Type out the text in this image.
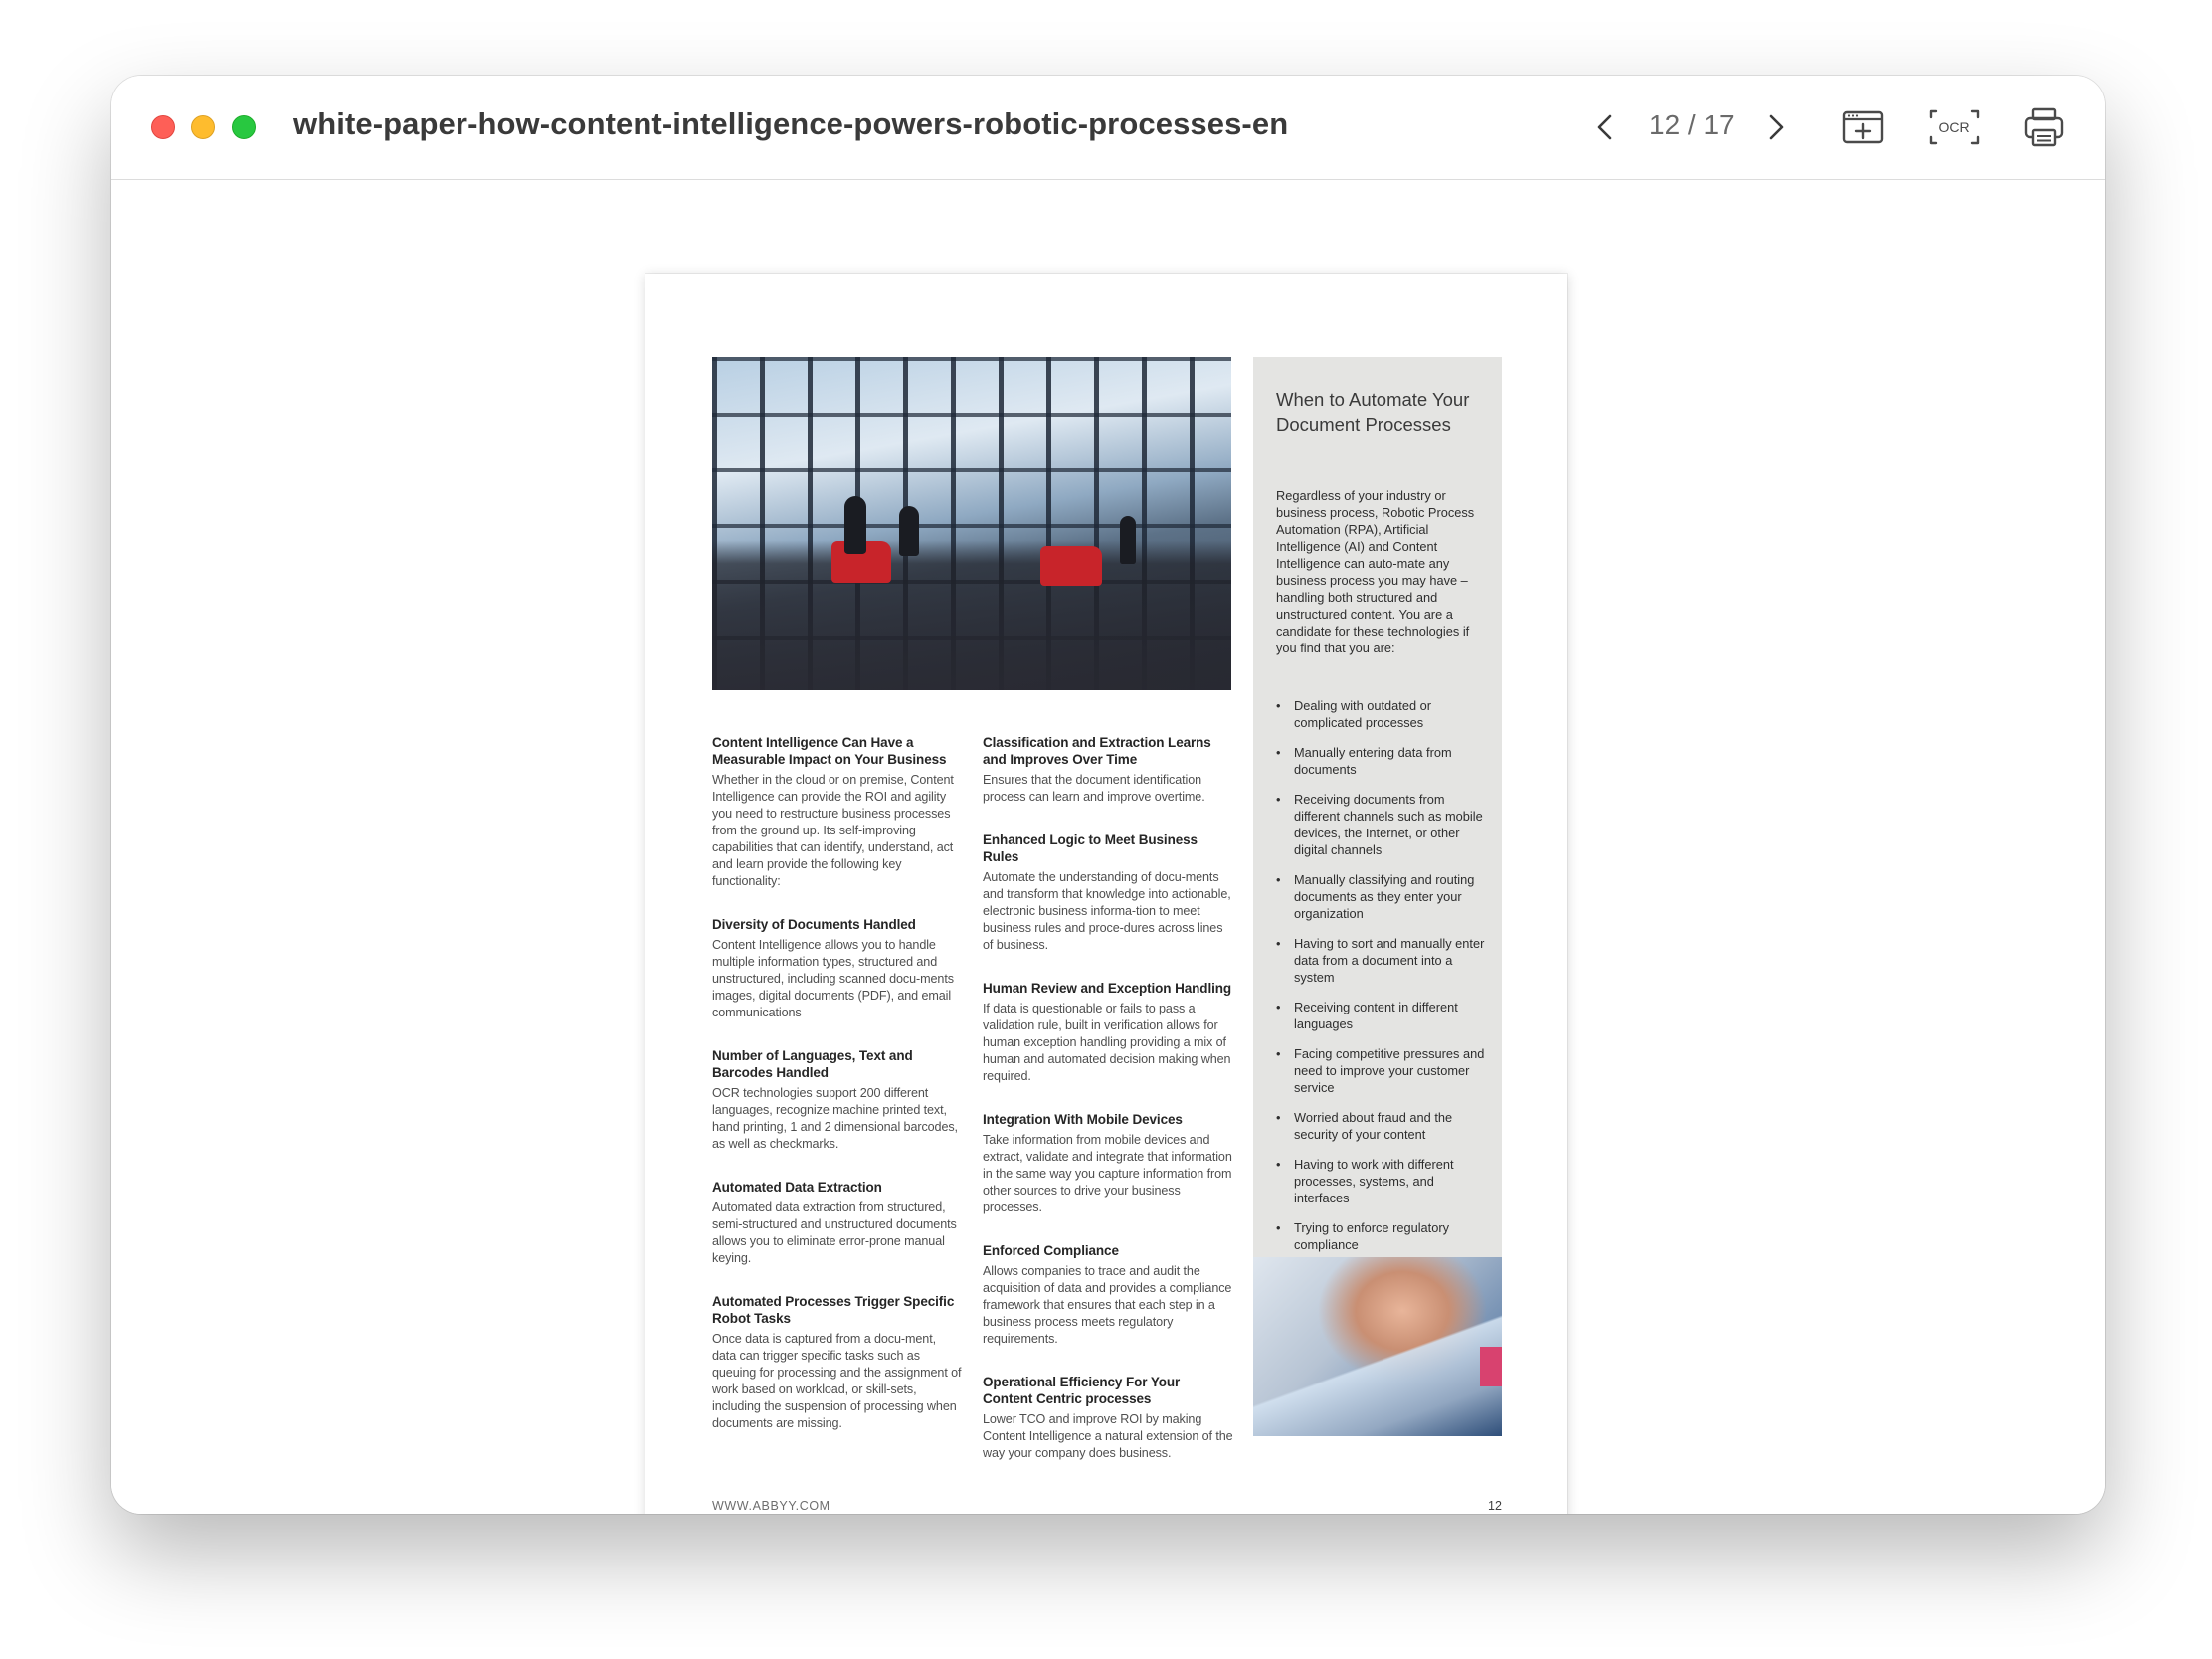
white-paper-how-content-intelligence-powers-robotic-processes-en	12 / 17	OCR
Content Intelligence Can Have a Measurable Impact on Your Business

Whether in the cloud or on premise, Content Intelligence can provide the ROI and agility you need to restructure business processes from the ground up. Its self-improving capabilities that can identify, understand, act and learn provide the following key functionality:

Diversity of Documents Handled

Content Intelligence allows you to handle multiple information types, structured and unstructured, including scanned docu-ments images, digital documents (PDF), and email communications

Number of Languages, Text and Barcodes Handled

OCR technologies support 200 different languages, recognize machine printed text, hand printing, 1 and 2 dimensional barcodes, as well as checkmarks.

Automated Data Extraction

Automated data extraction from structured, semi-structured and unstructured documents allows you to eliminate error-prone manual keying.

Automated Processes Trigger Specific Robot Tasks

Once data is captured from a docu-ment, data can trigger specific tasks such as queuing for processing and the assignment of work based on workload, or skill-sets, including the suspension of processing when documents are missing.

Classification and Extraction Learns and Improves Over Time

Ensures that the document identification process can learn and improve overtime.

Enhanced Logic to Meet Business Rules

Automate the understanding of docu-ments and transform that knowledge into actionable, electronic business informa-tion to meet business rules and proce-dures across lines of business.

Human Review and Exception Handling

If data is questionable or fails to pass a validation rule, built in verification allows for human exception handling providing a mix of human and automated decision making when required.

Integration With Mobile Devices

Take information from mobile devices and extract, validate and integrate that information in the same way you capture information from other sources to drive your business processes.

Enforced Compliance

Allows companies to trace and audit the acquisition of data and provides a compliance framework that ensures that each step in a business process meets regulatory requirements.

Operational Efficiency For Your Content Centric processes

Lower TCO and improve ROI by making Content Intelligence a natural extension of the way your company does business.

When to Automate Your Document Processes

Regardless of your industry or business process, Robotic Process Automation (RPA), Artificial Intelligence (AI) and Content Intelligence can auto-mate any business process you may have – handling both structured and unstructured content. You are a candidate for these technologies if you find that you are:

• Dealing with outdated or complicated processes
• Manually entering data from documents
• Receiving documents from different channels such as mobile devices, the Internet, or other digital channels
• Manually classifying and routing documents as they enter your organization
• Having to sort and manually enter data from a document into a system
• Receiving content in different languages
• Facing competitive pressures and need to improve your customer service
• Worried about fraud and the security of your content
• Having to work with different processes, systems, and interfaces
• Trying to enforce regulatory compliance
WWW.ABBYY.COM	12
